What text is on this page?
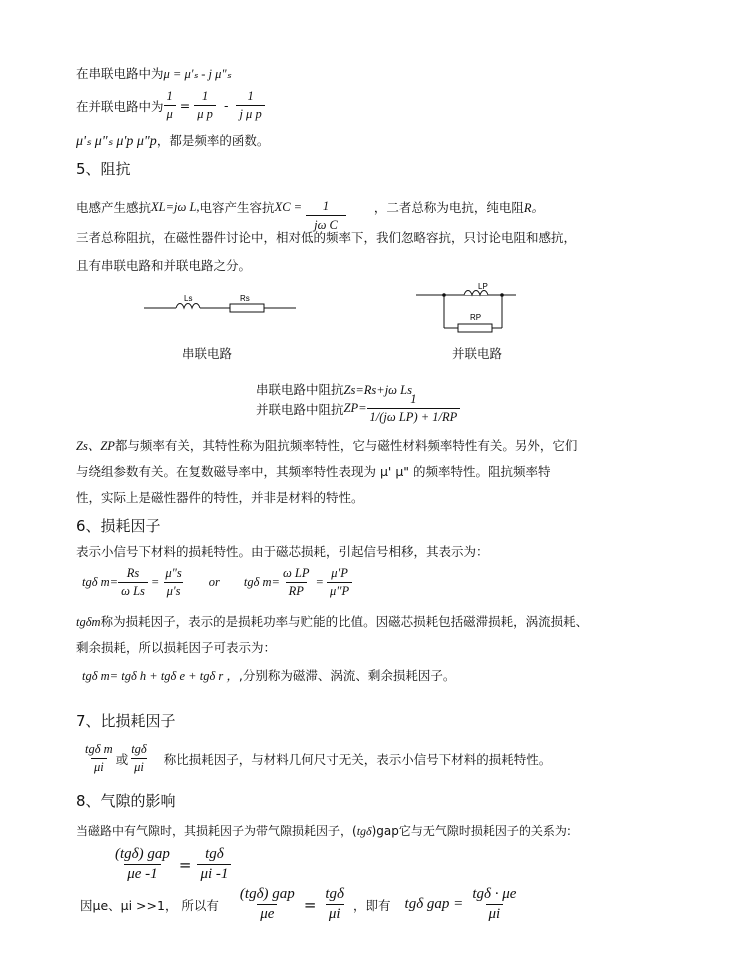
在串联电路中为μ = μ'ₛ - j μ"ₛ
在并联电路中为 $\frac{1}{\mu} = \frac{1}{\text{μ p}} - \frac{1}{\text{j μ p}}$
μ'ₛ μ"ₛ μ'p μ"p，都是频率的函数。
5、阻抗
电感产生感抗 XL=jω L, 电容产生容抗 XC = $\frac{1}{\text{jω C}}$ ，二者总称为电抗，纯电阻 R。
三者总称阻抗，在磁性器件讨论中，相对低的频率下，我们忽略容抗，只讨论电阻和感抗，
且有串联电路和并联电路之分。
Ls	Rs
LP
RP
串联电路	并联电路
串联电路中阻抗Zs=Rs+jω Ls
并联电路中阻抗 $ZP= \frac{1}{\text{1/(jω LP) + 1/RP}}$
Zs、ZP都与频率有关，其特性称为阻抗频率特性，它与磁性材料频率特性有关。另外，它们
与绕组参数有关。在复数磁导率中，其频率特性表现为 μ' μ" 的频率特性。阻抗频率特
性，实际上是磁性器件的特性，并非是材料的特性。
6、损耗因子
表示小信号下材料的损耗特性。由于磁芯损耗，引起信号相移，其表示为：
tgδ $m= \frac{Rs}{\text{ω Ls}} = \frac{\mu"s}{\mu's}$ or tgδ $m= \frac{\text{ω LP}}{RP} = \frac{\mu'P}{\mu"P}$
tgδm称为损耗因子，表示的是损耗功率与贮能的比值。因磁芯损耗包括磁滞损耗，涡流损耗、
剩余损耗，所以损耗因子可表示为：
tgδ m= tgδ h + tgδ e + tgδ r ，,分别称为磁滞、涡流、剩余损耗因子。
7、比损耗因子
$\frac{\text{tgδ m}}{\mu i}$ 或 $\frac{\text{tgδ}}{\mu i}$ 称比损耗因子，与材料几何尺寸无关，表示小信号下材料的损耗特性。
8、气隙的影响
当磁路中有气隙时，其损耗因子为带气隙损耗因子，(tgδ)gap它与无气隙时损耗因子的关系为:
$\frac{\text{(tgδ) gap}}{\mu e -1} = \frac{\text{tgδ}}{\mu i -1}$
因μe、μi >>1， 所以有 $\frac{\text{(tgδ) gap}}{\mu e} = \frac{\text{tgδ}}{\mu i}$ ，即有 tgδ gap = $\frac{\text{tgδ · μe}}{\mu i}$
